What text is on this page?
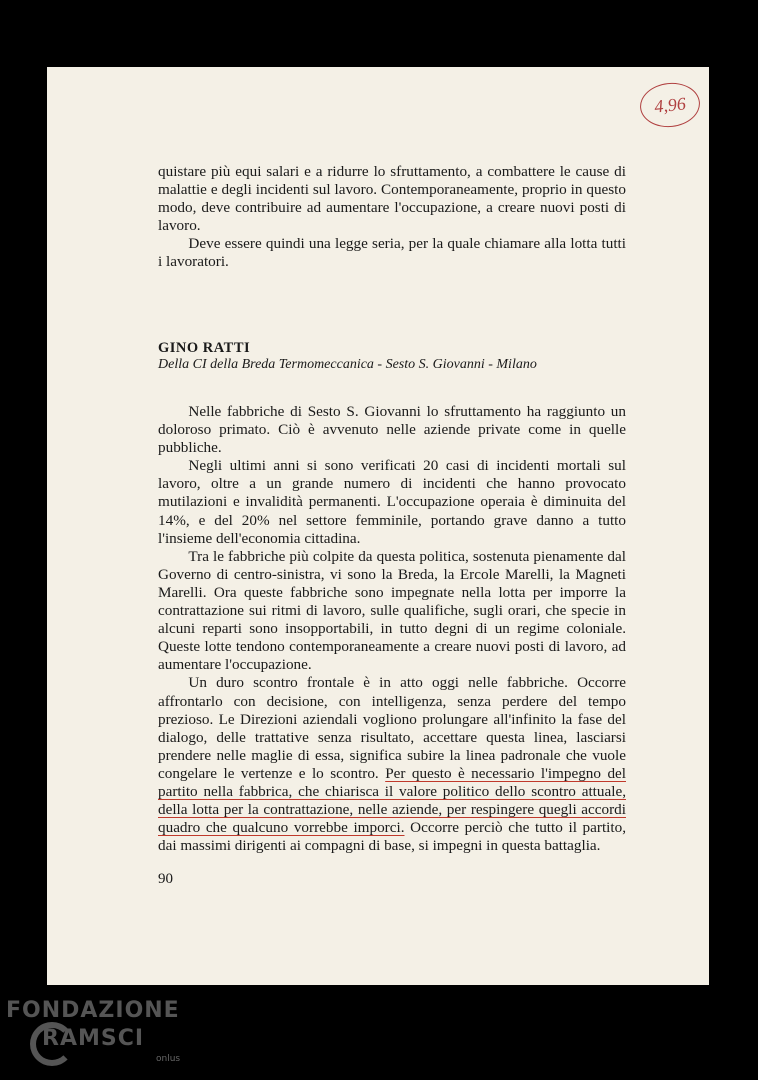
4,96

quistare più equi salari e a ridurre lo sfruttamento, a combattere le cause di malattie e degli incidenti sul lavoro. Contemporaneamente, proprio in questo modo, deve contribuire ad aumentare l'occupazione, a creare nuovi posti di lavoro.

Deve essere quindi una legge seria, per la quale chiamare alla lotta tutti i lavoratori.

GINO RATTI
Della CI della Breda Termomeccanica - Sesto S. Giovanni - Milano

Nelle fabbriche di Sesto S. Giovanni lo sfruttamento ha raggiunto un doloroso primato. Ciò è avvenuto nelle aziende private come in quelle pubbliche.

Negli ultimi anni si sono verificati 20 casi di incidenti mortali sul lavoro, oltre a un grande numero di incidenti che hanno provocato mutilazioni e invalidità permanenti. L'occupazione operaia è diminuita del 14%, e del 20% nel settore femminile, portando grave danno a tutto l'insieme dell'economia cittadina.

Tra le fabbriche più colpite da questa politica, sostenuta pienamente dal Governo di centro-sinistra, vi sono la Breda, la Ercole Marelli, la Magneti Marelli. Ora queste fabbriche sono impegnate nella lotta per imporre la contrattazione sui ritmi di lavoro, sulle qualifiche, sugli orari, che specie in alcuni reparti sono insopportabili, in tutto degni di un regime coloniale. Queste lotte tendono contemporaneamente a creare nuovi posti di lavoro, ad aumentare l'occupazione.

Un duro scontro frontale è in atto oggi nelle fabbriche. Occorre affrontarlo con decisione, con intelligenza, senza perdere del tempo prezioso. Le Direzioni aziendali vogliono prolungare all'infinito la fase del dialogo, delle trattative senza risultato, accettare questa linea, lasciarsi prendere nelle maglie di essa, significa subire la linea padronale che vuole congelare le vertenze e lo scontro. Per questo è necessario l'impegno del partito nella fabbrica, che chiarisca il valore politico dello scontro attuale, della lotta per la contrattazione, nelle aziende, per respingere quegli accordi quadro che qualcuno vorrebbe imporci. Occorre perciò che tutto il partito, dai massimi dirigenti ai compagni di base, si impegni in questa battaglia.

90
FONDAZIONE
RAMSCI
onlus
